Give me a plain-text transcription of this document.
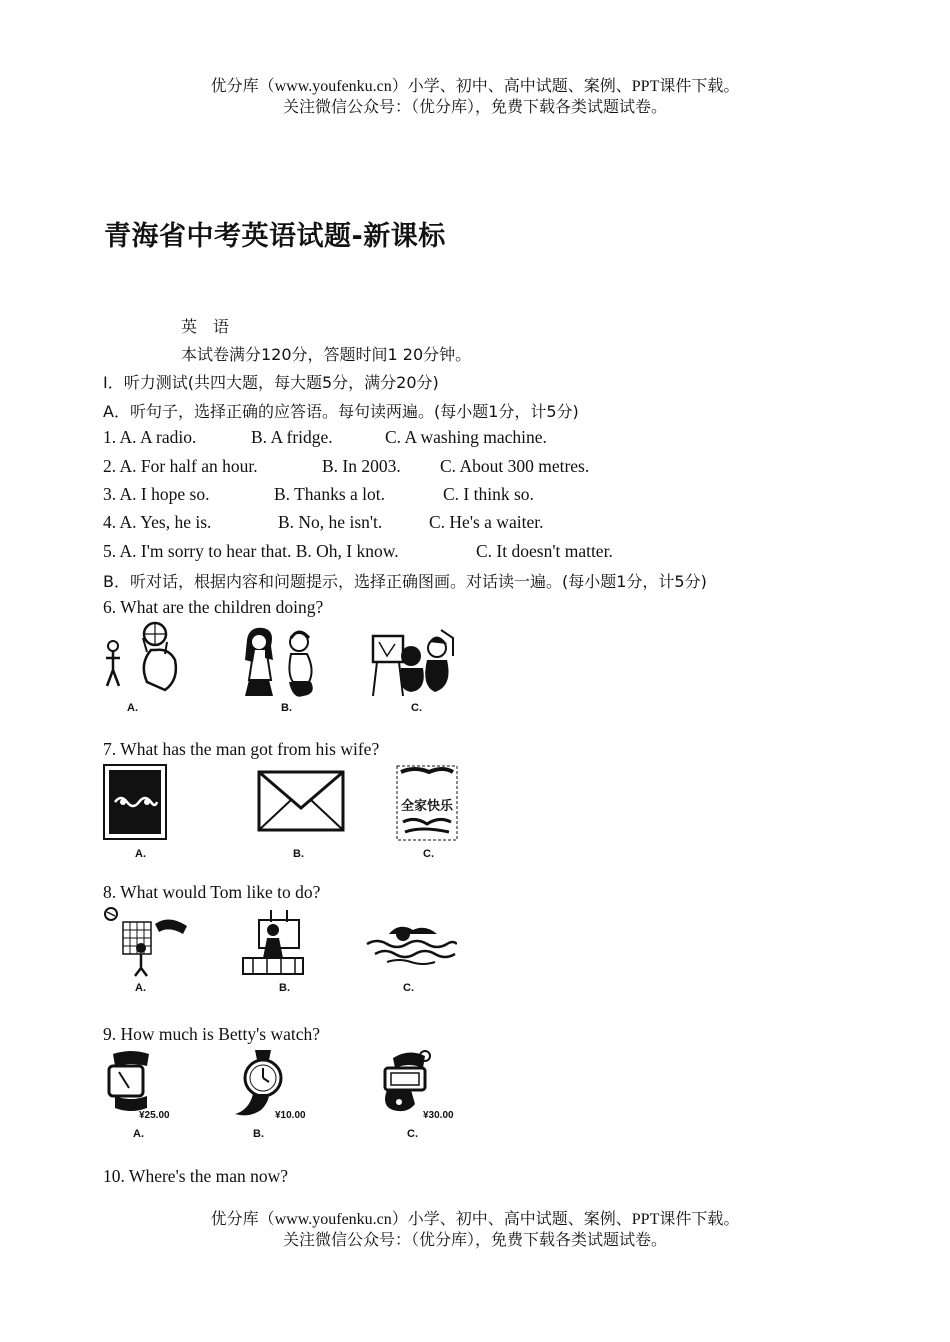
优分库（www.youfenku.cn）小学、初中、高中试题、案例、PPT课件下载。
关注微信公众号：（优分库），免费下载各类试题试卷。
青海省中考英语试题-新课标
英　语
本试卷满分120分，答题时间1 20分钟。
I．听力测试(共四大题，每大题5分，满分20分)
A．听句子，选择正确的应答语。每句读两遍。(每小题1分，计5分)
1. A. A radio.	B. A fridge.	C. A washing machine.
2. A. For half an hour.	B. In 2003. C. About 300 metres.
3. A. I hope so.	B. Thanks a lot.	C. I think so.
4. A. Yes, he is.	B. No, he isn't.	C. He's a waiter.
5. A. I'm sorry to hear that. B. Oh, I know.	C. It doesn't matter.
B．听对话，根据内容和问题提示，选择正确图画。对话读一遍。(每小题1分，计5分)
6. What are the children doing?
A.	B.	C.
7. What has the man got from his wife?
A.	B.
全家快乐
C.
8. What would Tom like to do?
A.	B.	C.
9. How much is Betty's watch?
¥25.00
A.
¥10.00
B.
¥30.00
C.
10. Where's the man now?
优分库（www.youfenku.cn）小学、初中、高中试题、案例、PPT课件下载。
关注微信公众号：（优分库），免费下载各类试题试卷。
